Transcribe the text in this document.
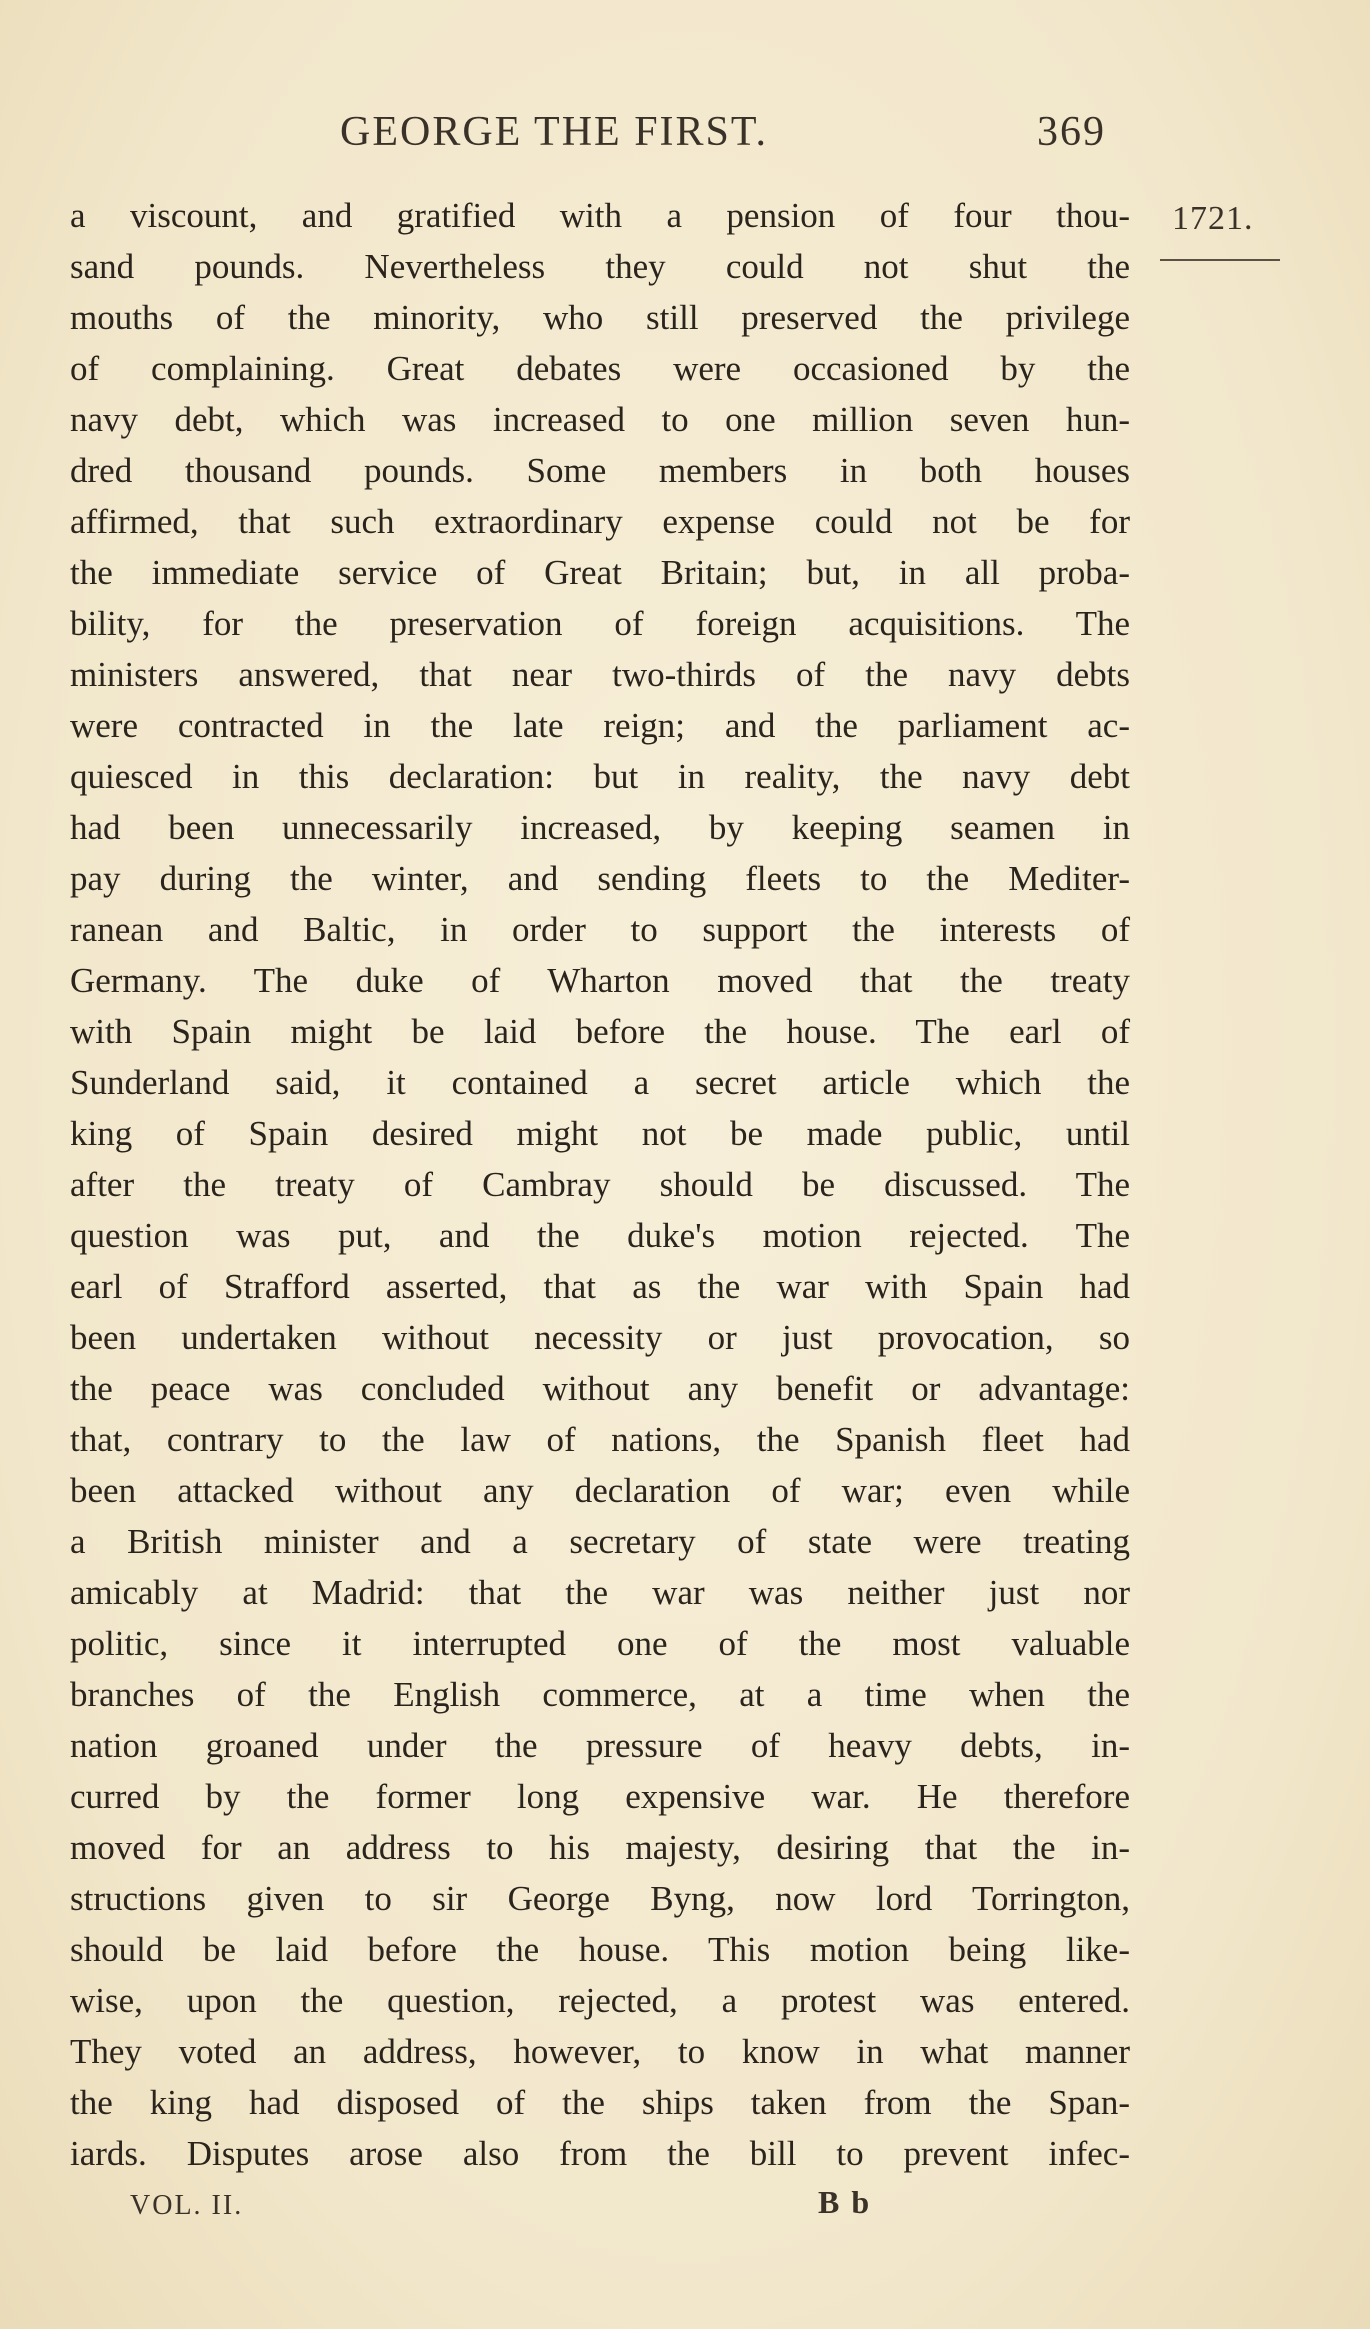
GEORGE THE FIRST.	369
1721.
a viscount, and gratified with a pension of four thou-
sand pounds. Nevertheless they could not shut the
mouths of the minority, who still preserved the privilege
of complaining. Great debates were occasioned by the
navy debt, which was increased to one million seven hun-
dred thousand pounds. Some members in both houses
affirmed, that such extraordinary expense could not be for
the immediate service of Great Britain; but, in all proba-
bility, for the preservation of foreign acquisitions. The
ministers answered, that near two-thirds of the navy debts
were contracted in the late reign; and the parliament ac-
quiesced in this declaration: but in reality, the navy debt
had been unnecessarily increased, by keeping seamen in
pay during the winter, and sending fleets to the Mediter-
ranean and Baltic, in order to support the interests of
Germany. The duke of Wharton moved that the treaty
with Spain might be laid before the house. The earl of
Sunderland said, it contained a secret article which the
king of Spain desired might not be made public, until
after the treaty of Cambray should be discussed. The
question was put, and the duke's motion rejected. The
earl of Strafford asserted, that as the war with Spain had
been undertaken without necessity or just provocation, so
the peace was concluded without any benefit or advantage:
that, contrary to the law of nations, the Spanish fleet had
been attacked without any declaration of war; even while
a British minister and a secretary of state were treating
amicably at Madrid: that the war was neither just nor
politic, since it interrupted one of the most valuable
branches of the English commerce, at a time when the
nation groaned under the pressure of heavy debts, in-
curred by the former long expensive war. He therefore
moved for an address to his majesty, desiring that the in-
structions given to sir George Byng, now lord Torrington,
should be laid before the house. This motion being like-
wise, upon the question, rejected, a protest was entered.
They voted an address, however, to know in what manner
the king had disposed of the ships taken from the Span-
iards. Disputes arose also from the bill to prevent infec-
VOL. II.	B b
